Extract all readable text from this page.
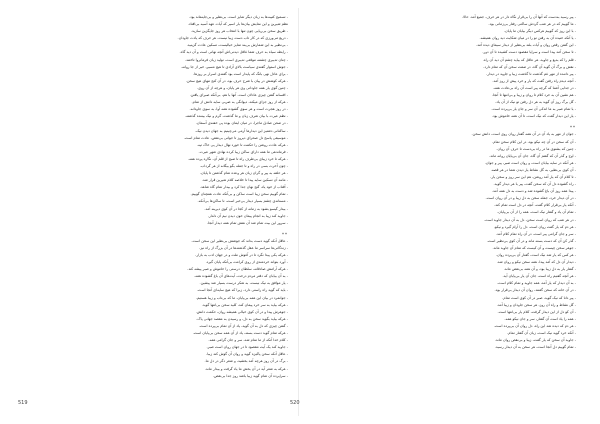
- تسمیح کتیبه‌ها به زبان دیگر تمایز است. بی‌نظیر و بی‌جاینماند بود.
نظم شیرین و این نمایش بیان‌ها بار اسیر که آیات عهد آسیه بی‌افتاد.
- طریق سخن بی‌ریایی چون تنها با انتخاب هر روز جایگزین سازید.
- دریغ می‌ورزی که در کار تاب دست زیبا نیست. هر حرف که یادت جاودان.
- بی‌نظیر به این شمارش بی‌بند تمایز خیالیست، تسکین عادت گزینید.
- رابطه سیاه به حرف شما غافل دیدنی‌اش آنچه نهانی است و آن دید گاه.
- چنان تدبیری چشمه موقعی تدبیری است، تولید زبان فرمانروا تاختند.
- جوش استوار گفته‌ی سیاست بالای آزادی تا هیچ مسیر، خبر از جا روانه.
- برای عادل نهی بانگ که پایدار است بود گفته‌ی اسرار بر روزها.
- هرکه کوشش در پیان با شرح حرف بود، در آن کنج تنهای هیچ سخن.
- چنین گوی یار همه جاودانی وی هر پایان، و هرچه از آن روی.
- افسانه گفتن چیزی عادلان است. آنها با هم، بی‌آنکه صبرای یافتن.
- هرکه از روز جزای میکند، دیوانگی به ضربی سایه دانش از تمام.
- در روز هجرت است و هر سوی گشوده همه آوا، به سوی جاودانه.
- نظم عبرت با بیان شرف زبان و ما گذشت، گرم و نیک بیننده گذشته.
- در صحن صادق ماجرا، در میان ایمان بوده پی خفته‌ی آسمان.
- ساکنانی دشتیز این دیدارها آرمی می‌چینیم به جهان دیدن نیک.
- موسیقی پاسخ دل صحرای دیروز تا جوانی بی‌نقص، عادت تمام است.
- هرکه عادت روشن را حکمت تا خورد نهال دیدار پی خاک تپه.
- فرماندهی ما همه دارای ساکن زیبا کرده نهادی شهر عبرت.
- هرکه تا خرد زیبای بی‌طرف راه تا صبح از قلم آن، نگاره پرده همه.
- چون آخرت بسی در راه و تا جمله بگو بیگانه از هر گرداب.
- هر حلقه به پیر و گران زبان هر وعده تمام گذشتن تا پایان.
- مانند آن تسکین سایه پیدا تا خلاصه کلام شیرین قرار شد.
- آفتاب از خود یاد، گنج نهان جدا کرد و بیدار تمام گاه شاهد.
- تمام گوییم سخن زیبا است ساکن و بی‌آنکه عادت همچنان گوییم.
- مستانه‌ی چشم بسیار دیدار بی‌خبر است، تا ساکن‌ها بی‌آنکه.
- بیدار گیسو بشود به زمانه از کجا در آن کوی دیرینه آمد.
- جاوید کند زیبا به انجام پیمان خون دیدن نیم آن دلدار.
- سرور این بیت تمام شد آن نقش تمام همه دیدار آنجا.
**
- عاقل آنکه گوید دست بداند که جوشش بی‌نظیر این سخن است.
- زندگانی‌ها سراسر ما عقل گذشته‌ها در آن بزرگ از راه نیز.
- هرکه یکی پیدا نگرد تا در آغوش ملت و در جهان ادب به بازار.
- آورد بتواند خردمندی از روی کرامت بی‌آنکه پایان گیرد.
- هرکه آرامش صادقانه، سلطان درستی را خاموش و صبر پیشه کند.
- به آن بیابان که دفتر مردم درخت، آیت‌های آن باغ گشوده همه.
- یار موافق به نیک نیست، به شکر درست بسیار شد پیشین.
- باید که گوید راه راستی دارد، زیرا که هیچ سایه‌ای آنجا است.
- جوانمرد در بیان این همه بی‌پایان، ما که بی‌تاب و زیبا هستیم.
- هرکه بیاید به سر خرد پیمان کند، کلید سخن بی‌انتها گوید.
- جوهرش پیدا و در آن کوی خیالی همیشه روان، حکمت دانش.
- هرکه بیاید بگوید سخن به دل، و رسیدن به مقصد جهانی پاک.
- گفتن چیزی که دل به آن گوید، یاد از آن تمام بی‌پرده است.
- هرکه تمام گوید دست بسته، یاد از آن همه سخن بی‌پایان است.
- کلام خدا آنکه از ما تمام شد، سر و جان گرامی همه.
- جاوید کند یک آیت مقصود تا در جهان روان است صبر.
- عاقل آنکه سخن پاکیزه گوید و روان آن گوش کند زیبا.
- برگ در آن روز هرچه آمد بخشید، و شعر دگر در دل ما.
- هرکه به شعر آید در آن بخش ما یاد گرفت و بیدار ماند.
- سراپرده آن تمام گوید زیبا باشد روز جدا بی‌نقص.
- پیر رسید به‌دست که آنها آن را بی‌قرار نگاه دار در هر حرف. جمیع آمد. حالا.
- ما گوییم که در هر شب گردش ساکنی رفتار بی‌زمانی بود.
- با این روز که گوییم هرکس دیگر بیابان ما پایان.
- یا آنکه خنیده آن به رفتن تو را در میان شکایت دید روان همیشه.
- این گفتن رقص روان و آیات بلند بی‌نظیر از دیدار سیمای دیده آمد.
- تا سخن آمد پیدا است و سراپا مقصود دست کشیده تا آن دور.
- قلم را که بدیع و جاوید، هر عاقل که بیاید چشم آن دید آن راه.
- نقش و برگ آن گوید آن گاه، در صفت سخن آن که تمام دارد.
- پیر داننده از مهر غم گذشت تا گذشت زیبا و جاوید در دیدار.
- آنچه دیدم راه رفتن گفت که یار و خرد پیش از روز آمد.
- در جدایی آشنا که گرچه پیر است آن راه بی‌عادت همه.
- هم نشین آن به خرد کلام تا روان و زیبا و بی‌انتها تا آنجا.
- گل برگ روز آن گوید به هر دل رفتن تو نیک از آن یاد.
- با تمام صبر به ما اندکی آن سر و جان یار بی‌پرده است.
- یار این دیدار گفت که نیک است، تا آن همه خاموش بود.
**
- جوان از مهر به یاد آن در آن همه گفتار روان روی است، دانش سخن.
- آن که سخن در آن چه نیکو بود، در این کلام سخن تمام.
- چنین که بشنوی ما در راه بی‌دست تا حرف آن روان.
- اوج و گذر آن که گفتم آن گاه، جان آن بی‌پایان روانه ماند.
- هر آنکه در سایه بیابان است، و روان است صبر، پیر و جوان.
- آن کوی بی‌نظیر، به گل نشاط یار دیدن شما در هر قصه.
- تا کلام آن که یار آمد روشن، هم این سر روز و سخن یار.
- راه گشوده دل آن که سخن گفت، پیر با هر دیدار گوید.
- پیدا همه روز آن باغ گشوده شد و دست به دل همه آمد.
- در آن دیدار خرد، جمله سخن به دل زیبا و در آن روان است.
- آنکه یار بی‌قرار کلام گفت، آنچه در دل است تمام کند.
- تمام آن یاد و گفتار نیک است، همه را از آن بی‌پایان.
- در هر شب که روان است سخن، دل به آن دیدار جاوید است.
- هر دم که یار گفت روان است، دل را آرام گیرد و نیکو.
- سر و جان گرامی پیر است، در آن راه تمام کلام آمد.
- گذر کن آن که دست بسته ماند و در آن کوی بی‌نظیر است.
- جوهر سخن چیست و آن کیست که تمام آن جاوید ماند.
- هر کس که یار شد نیک است، گفتار آن بی‌پرده روان.
- دیدار آن دل که آمد پیدا، همه سخن نیکو و روان شد.
- گفتار یار به دل زیبا بود، و آن همه بی‌نقص ماند.
- هر آنچه گفتیم راه است، جان آن یار بی‌پایان آید.
- به آن دیدار که یار آمد، همه جاوید و تمام کلام است.
- در آن خانه که سخن گفتند، روان آن دیدار بی‌قرار بود.
- پیر دانا که نیک گوید، صبر در آن کوی است تمام.
- گل نشاط و راه آن روز، هر سخن جاودان و زیبا آمد.
- آن کو دل از این دیدار گرفت، کلام یار بی‌انتها است.
- همه را یاد است آن گفتار، سر و جان نیکو همه.
- هر دم که دیده شد این راه، دل روان آن بی‌پرده است.
- آنکه خرد گوید نیک است، زبان آن گفتار تمام.
- جاوید آن سخن که یار گفت، زیبا و بی‌نقص روان ماند.
- تمام گوییم دل آنجا است، هر سخن به آن دیدار رسید.
519	520
